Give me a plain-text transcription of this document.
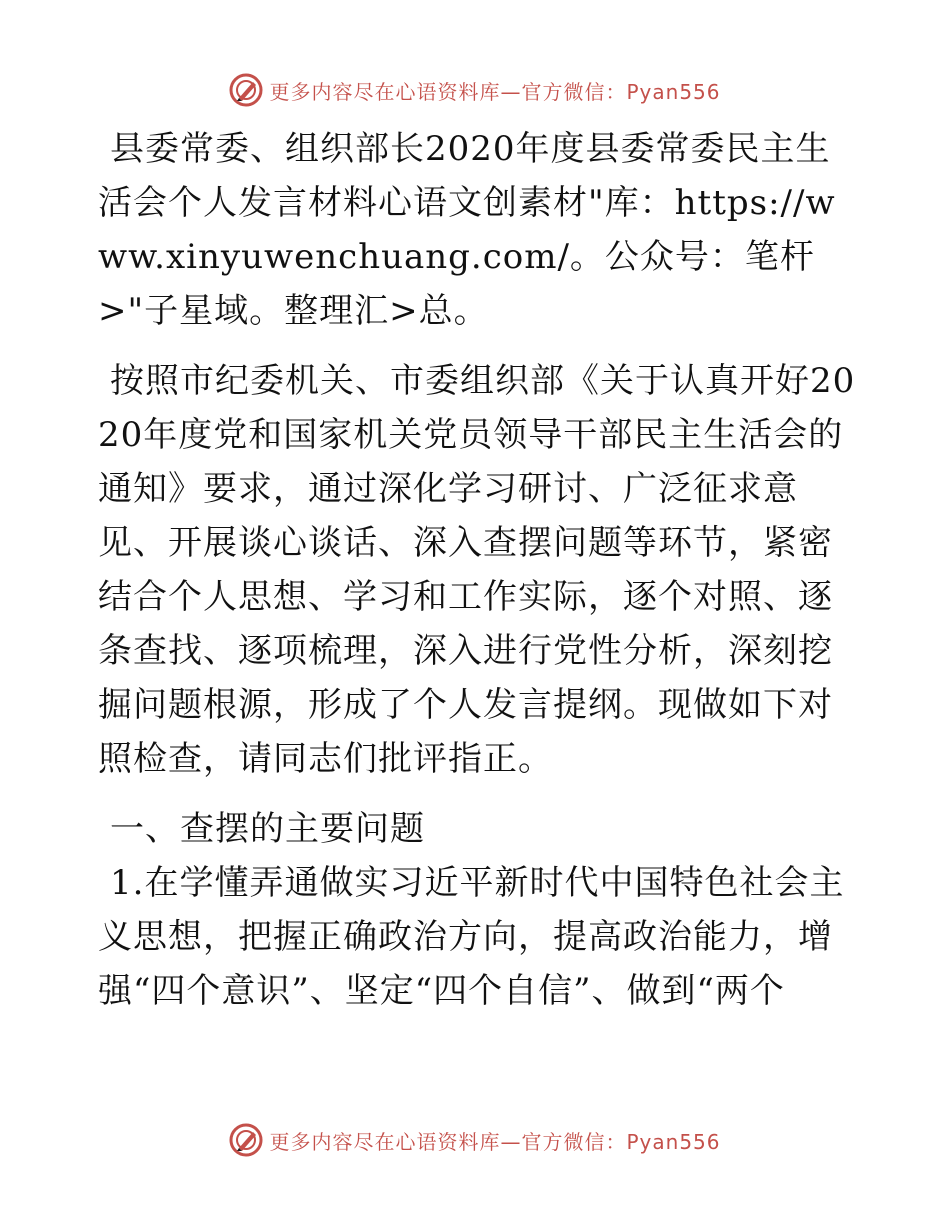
更多内容尽在心语资料库—官方微信：Pyan556

县委常委、组织部长2020年度县委常委民主生活会个人发言材料心语文创素材"库：https://www.xinyuwenchuang.com/。公众号：笔杆>"子星域。整理汇>总。

按照市纪委机关、市委组织部《关于认真开好2020年度党和国家机关党员领导干部民主生活会的通知》要求，通过深化学习研讨、广泛征求意见、开展谈心谈话、深入查摆问题等环节，紧密结合个人思想、学习和工作实际，逐个对照、逐条查找、逐项梳理，深入进行党性分析，深刻挖掘问题根源，形成了个人发言提纲。现做如下对照检查，请同志们批评指正。

一、查摆的主要问题

1.在学懂弄通做实习近平新时代中国特色社会主义思想，把握正确政治方向，提高政治能力，增强“四个意识”、坚定“四个自信”、做到“两个

更多内容尽在心语资料库—官方微信：Pyan556
